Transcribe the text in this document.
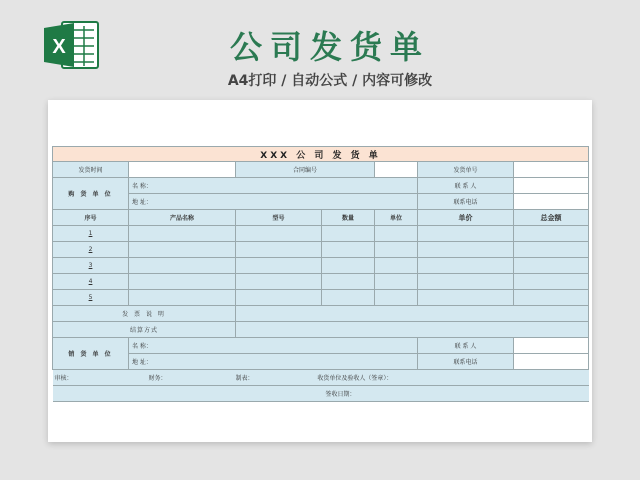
X	公司发货单
A4打印 / 自动公式 / 内容可修改
XXX 公 司 发 货 单						
发货时间		合同编号			发货单号	
购 货 单 位	名 称：				联 系 人	
	地 址：				联系电话	
序号	产品名称	型号	数量	单位	单价	总金额
1						
2						
3						
4						
5						
发 票 说 明						
结算方式						
销 货 单 位	名 称：				联 系 人	
	地 址：				联系电话	
审核：	财务：	制表： 收货单位及验收人（签章）：				
签收日期：						
